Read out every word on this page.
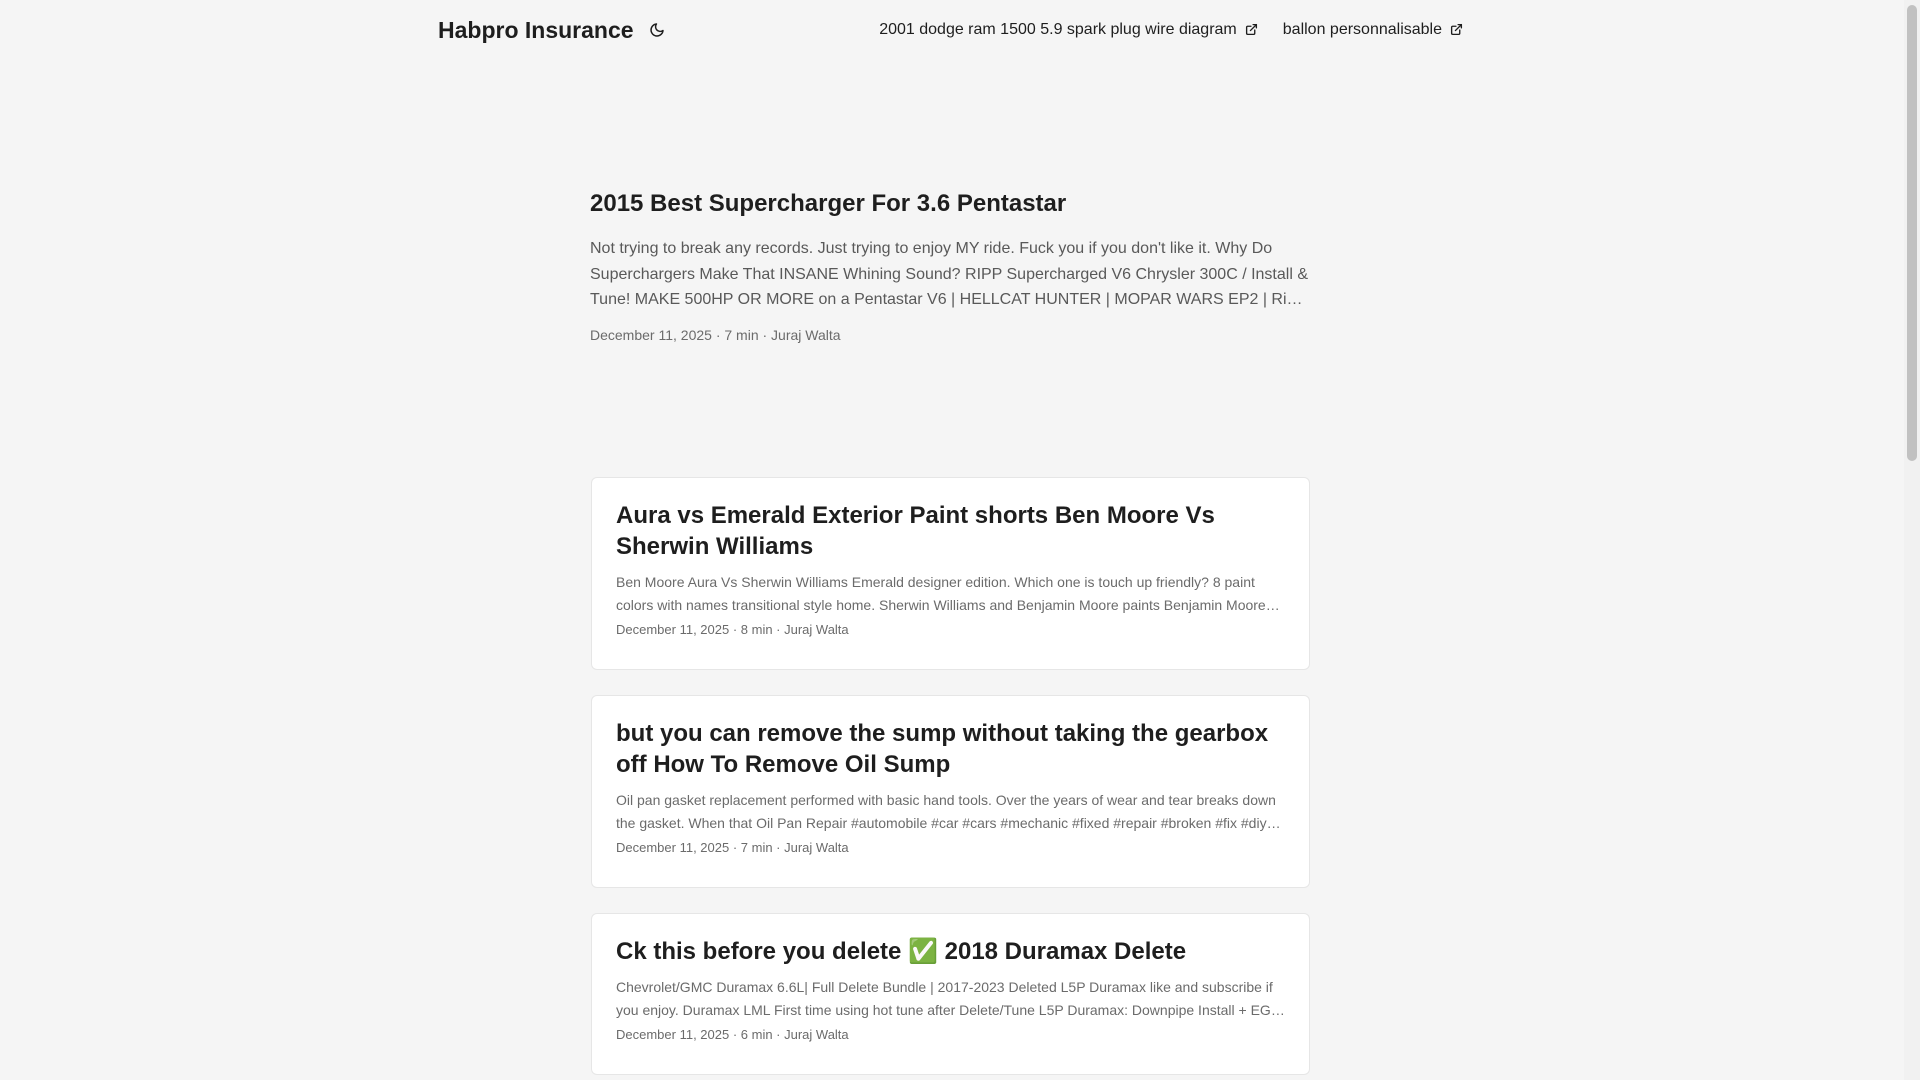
Habpro Insurance	2001 dodge ram 1500 5.9 spark plug wire diagram	ballon personnalisable
2015 Best Supercharger For 3.6 Pentastar

Not trying to break any records. Just trying to enjoy MY ride. Fuck you if you don't like it. Why Do Superchargers Make That INSANE Whining Sound? RIPP Supercharged V6 Chrysler 300C / Install & Tune! MAKE 500HP OR MORE on a Pentastar V6 | HELLCAT HUNTER | MOPAR WARS EP2 | Ripp

December 11, 2025 · 7 min · Juraj Walta
Aura vs Emerald Exterior Paint shorts Ben Moore Vs Sherwin Williams

Ben Moore Aura Vs Sherwin Williams Emerald designer edition. Which one is touch up friendly? 8 paint colors with names transitional style home. Sherwin Williams and Benjamin Moore paints Benjamin Moore

December 11, 2025 · 8 min · Juraj Walta
but you can remove the sump without taking the gearbox off How To Remove Oil Sump

Oil pan gasket replacement performed with basic hand tools. Over the years of wear and tear breaks down the gasket. When that Oil Pan Repair #automobile #car #cars #mechanic #fixed #repair #broken #fix #diy

December 11, 2025 · 7 min · Juraj Walta
Ck this before you delete ✅ 2018 Duramax Delete

Chevrolet/GMC Duramax 6.6L| Full Delete Bundle | 2017-2023 Deleted L5P Duramax like and subscribe if you enjoy. Duramax LML First time using hot tune after Delete/Tune L5P Duramax: Downpipe Install + EGR

December 11, 2025 · 6 min · Juraj Walta
